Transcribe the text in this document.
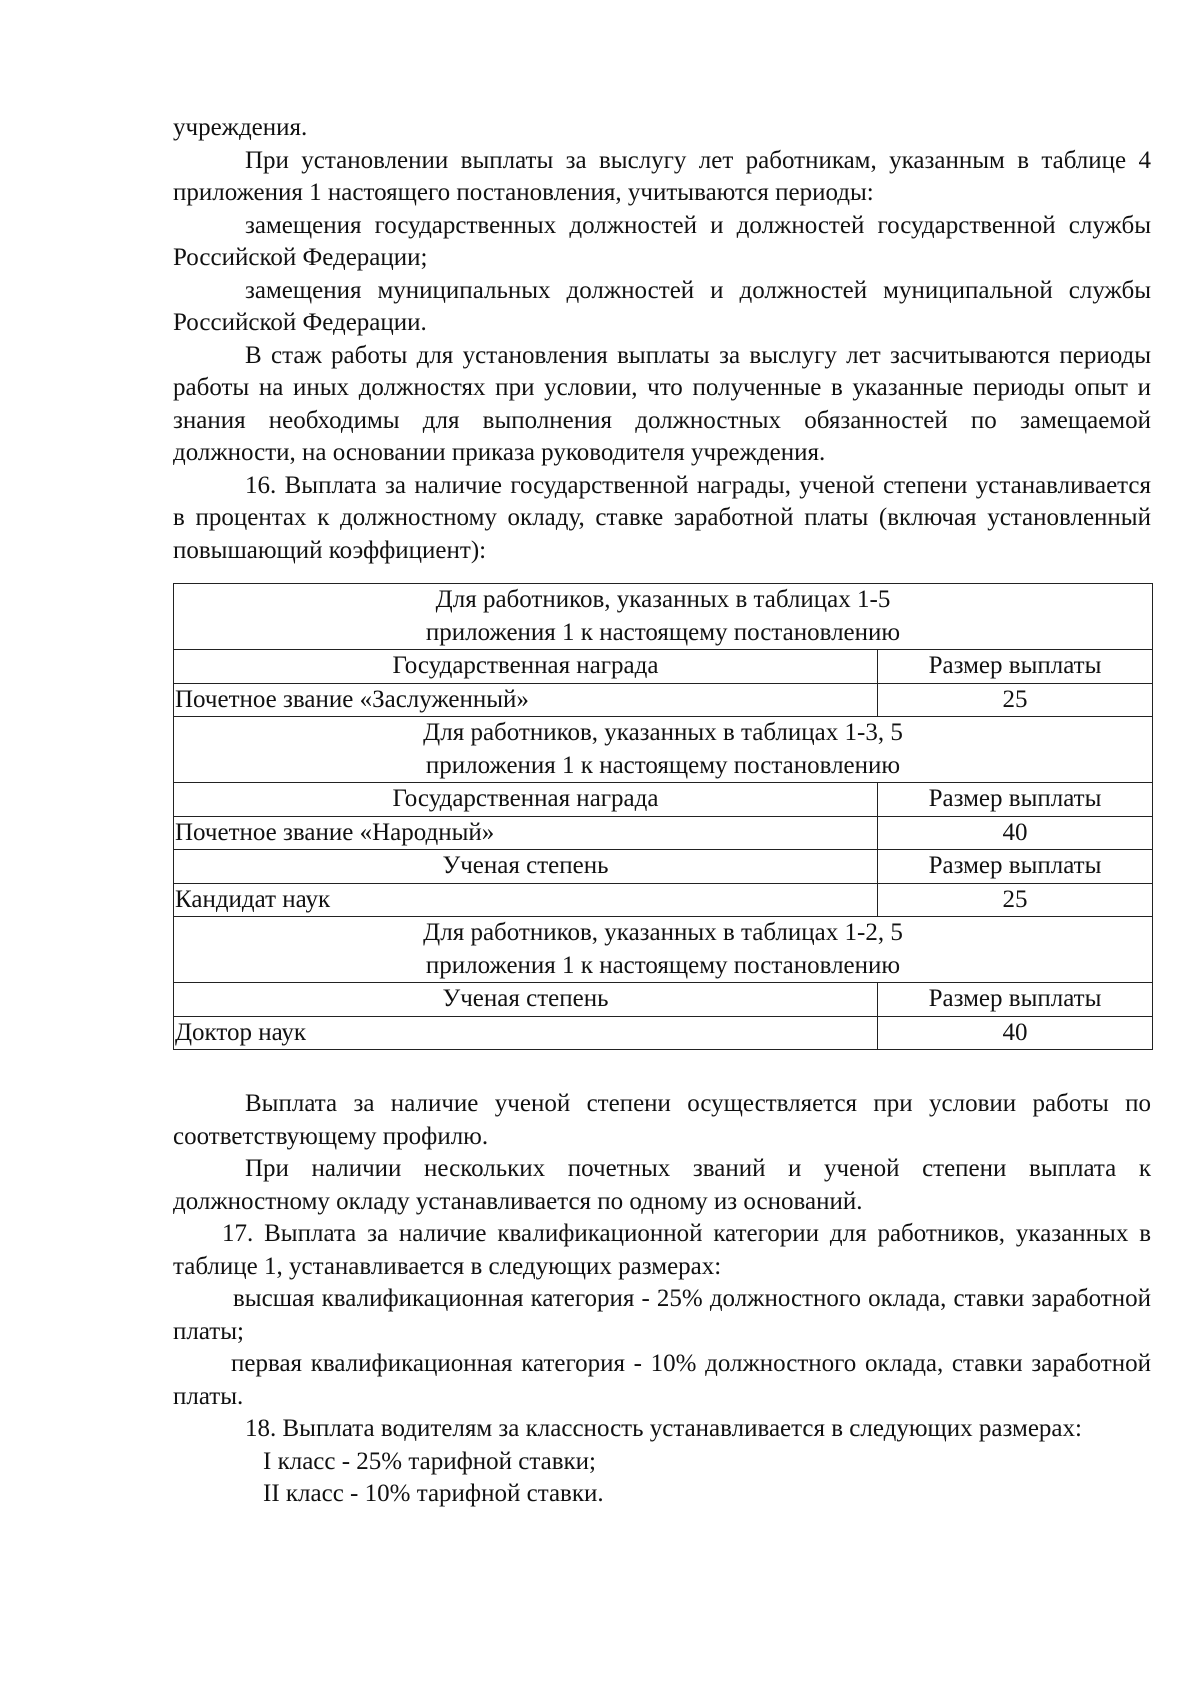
учреждения.

При установлении выплаты за выслугу лет работникам, указанным в таблице 4 приложения 1 настоящего постановления, учитываются периоды:

замещения государственных должностей и должностей государственной службы Российской Федерации;

замещения муниципальных должностей и должностей муниципальной службы Российской Федерации.

В стаж работы для установления выплаты за выслугу лет засчитываются периоды работы на иных должностях при условии, что полученные в указанные периоды опыт и знания необходимы для выполнения должностных обязанностей по замещаемой должности, на основании приказа руководителя учреждения.

16. Выплата за наличие государственной награды, ученой степени устанавливается в процентах к должностному окладу, ставке заработной платы (включая установленный повышающий коэффициент):

Для работников, указанных в таблицах 1-5
приложения 1 к настоящему постановлению	

Государственная награда	Размер выплаты
Почетное звание «Заслуженный»	25

Для работников, указанных в таблицах 1-3, 5
приложения 1 к настоящему постановлению	

Государственная награда	Размер выплаты
Почетное звание «Народный»	40
Ученая степень	Размер выплаты
Кандидат наук	25

Для работников, указанных в таблицах 1-2, 5
приложения 1 к настоящему постановлению	

Ученая степень	Размер выплаты
Доктор наук	40

Выплата за наличие ученой степени осуществляется при условии работы по соответствующему профилю.

При наличии нескольких почетных званий и ученой степени выплата к должностному окладу устанавливается по одному из оснований.

17. Выплата за наличие квалификационной категории для работников, указанных в таблице 1, устанавливается в следующих размерах:

высшая квалификационная категория - 25% должностного оклада, ставки заработной платы;

первая квалификационная категория - 10% должностного оклада, ставки заработной платы.

18. Выплата водителям за классность устанавливается в следующих размерах:

I класс - 25% тарифной ставки;

II класс - 10% тарифной ставки.
